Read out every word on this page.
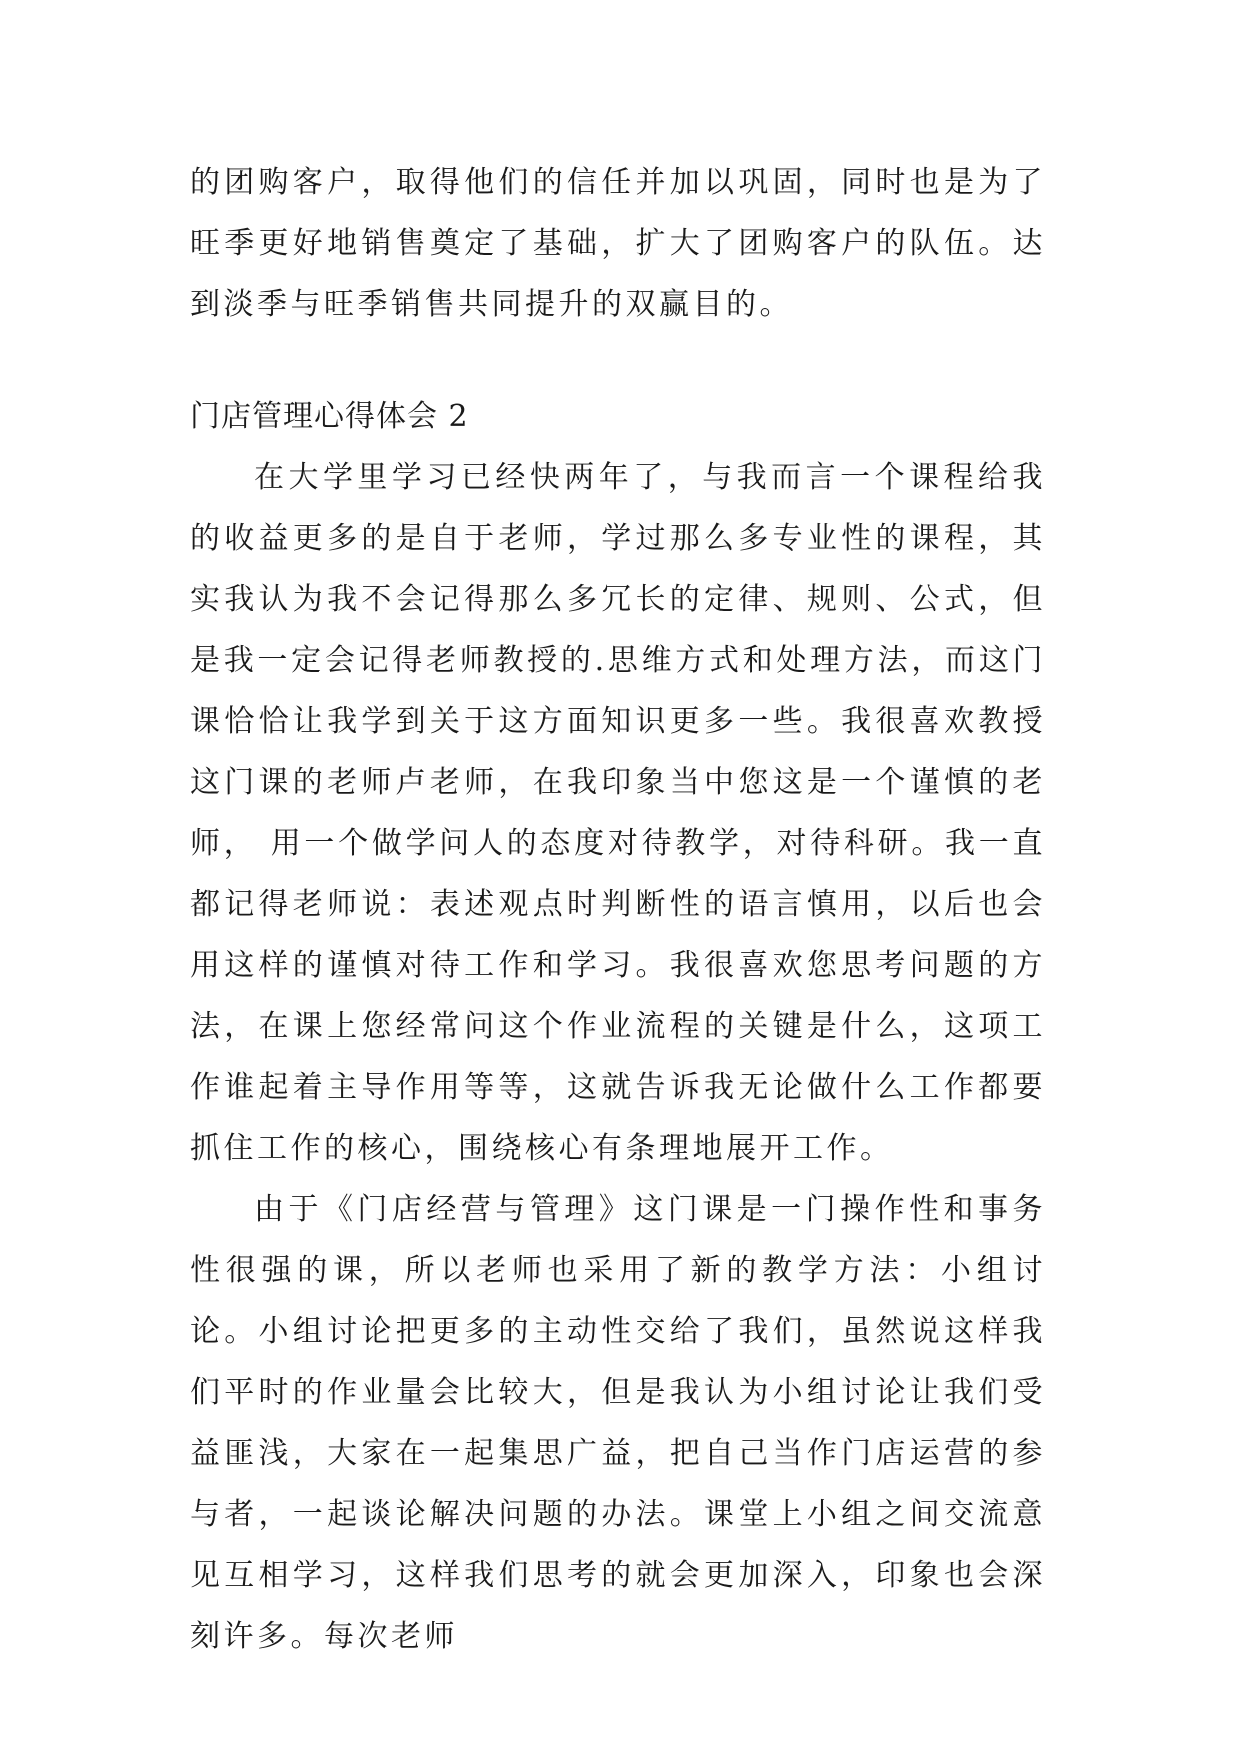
的团购客户，取得他们的信任并加以巩固，同时也是为了旺季更好地销售奠定了基础，扩大了团购客户的队伍。达到淡季与旺季销售共同提升的双赢目的。

门店管理心得体会 2

在大学里学习已经快两年了，与我而言一个课程给我的收益更多的是自于老师，学过那么多专业性的课程，其实我认为我不会记得那么多冗长的定律、规则、公式，但是我一定会记得老师教授的.思维方式和处理方法，而这门课恰恰让我学到关于这方面知识更多一些。我很喜欢教授这门课的老师卢老师，在我印象当中您这是一个谨慎的老师， 用一个做学问人的态度对待教学，对待科研。我一直都记得老师说：表述观点时判断性的语言慎用，以后也会用这样的谨慎对待工作和学习。我很喜欢您思考问题的方法，在课上您经常问这个作业流程的关键是什么，这项工作谁起着主导作用等等，这就告诉我无论做什么工作都要抓住工作的核心，围绕核心有条理地展开工作。

由于《门店经营与管理》这门课是一门操作性和事务性很强的课，所以老师也采用了新的教学方法：小组讨论。小组讨论把更多的主动性交给了我们，虽然说这样我们平时的作业量会比较大，但是我认为小组讨论让我们受益匪浅，大家在一起集思广益，把自己当作门店运营的参与者，一起谈论解决问题的办法。课堂上小组之间交流意见互相学习，这样我们思考的就会更加深入，印象也会深刻许多。每次老师
